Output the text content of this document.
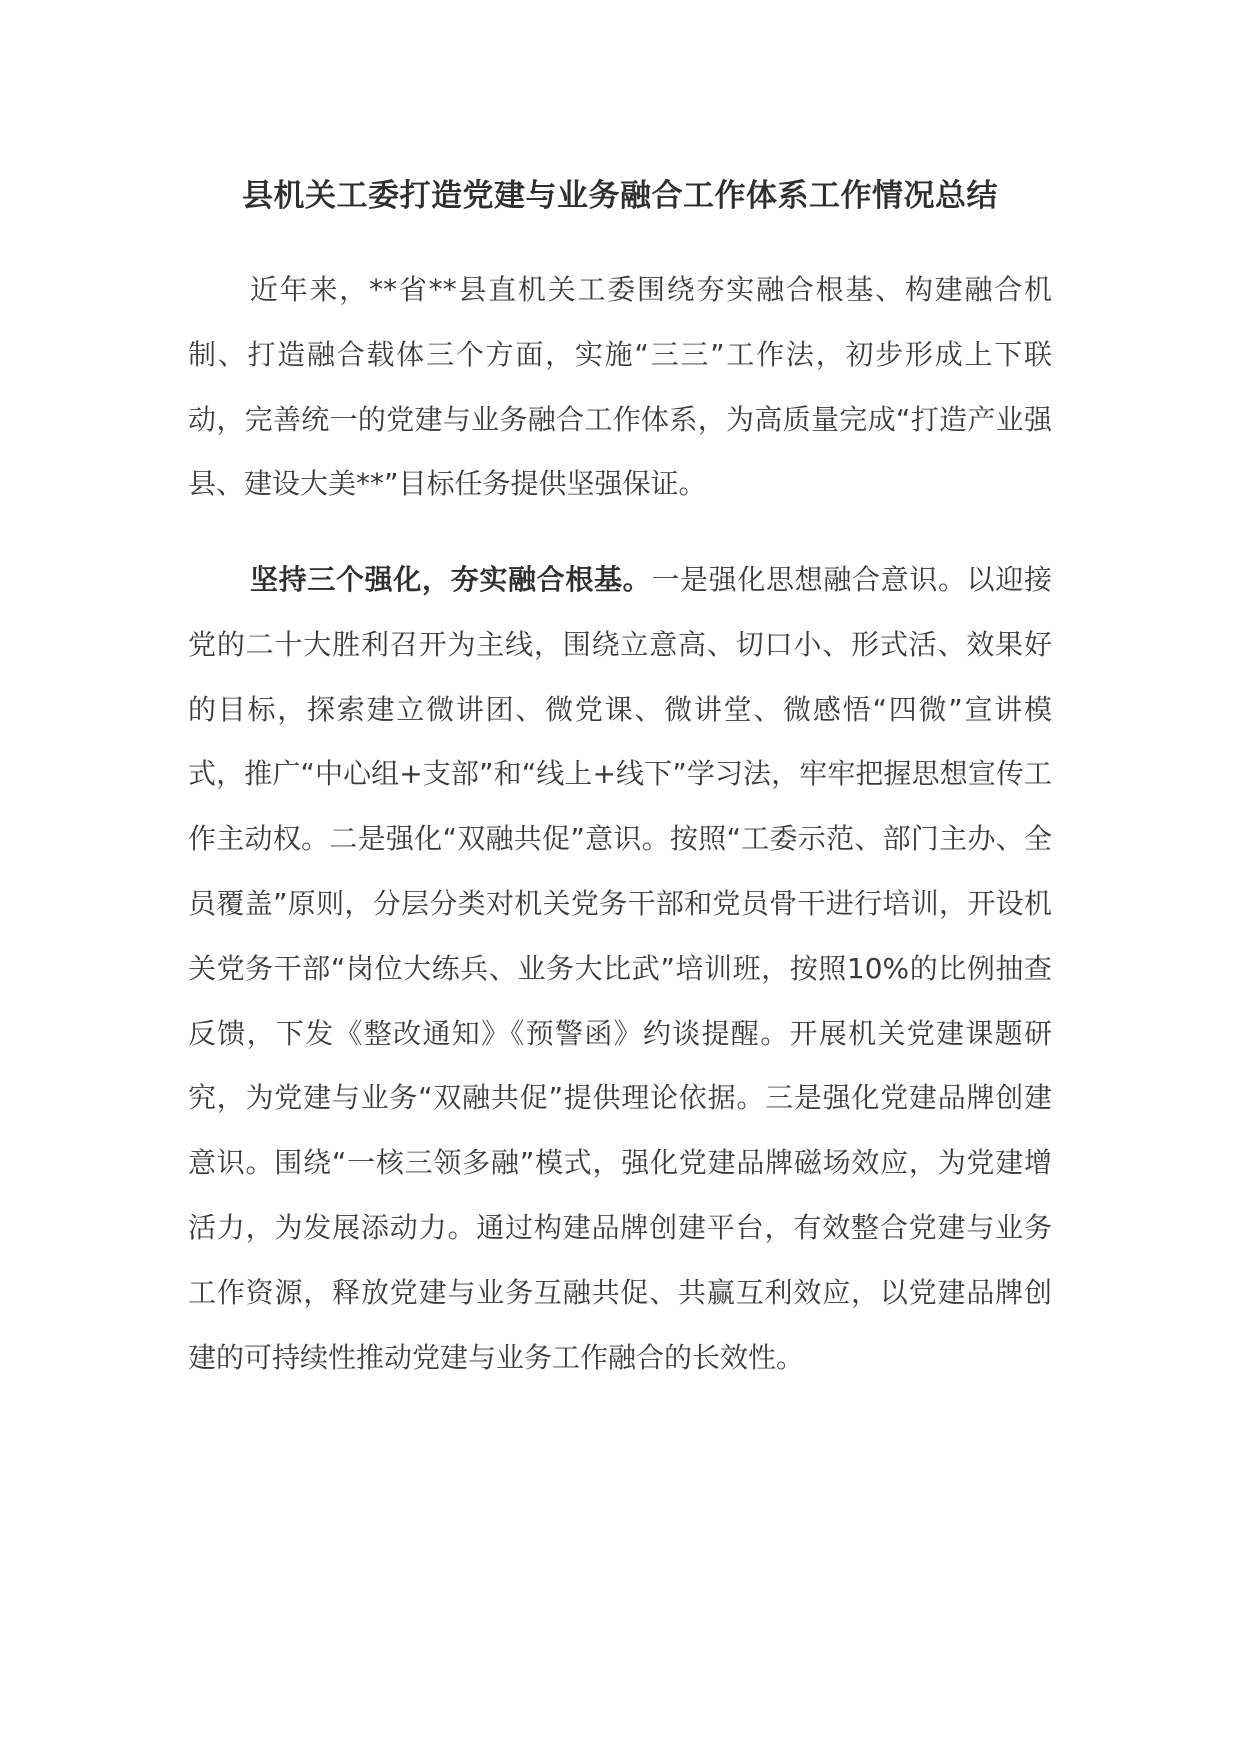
县机关工委打造党建与业务融合工作体系工作情况总结

近年来，**省**县直机关工委围绕夯实融合根基、构建融合机制、打造融合载体三个方面，实施“三三”工作法，初步形成上下联动，完善统一的党建与业务融合工作体系，为高质量完成“打造产业强县、建设大美**”目标任务提供坚强保证。

坚持三个强化，夯实融合根基。一是强化思想融合意识。以迎接党的二十大胜利召开为主线，围绕立意高、切口小、形式活、效果好的目标，探索建立微讲团、微党课、微讲堂、微感悟“四微”宣讲模式，推广“中心组+支部”和“线上+线下”学习法，牢牢把握思想宣传工作主动权。二是强化“双融共促”意识。按照“工委示范、部门主办、全员覆盖”原则，分层分类对机关党务干部和党员骨干进行培训，开设机关党务干部“岗位大练兵、业务大比武”培训班，按照10%的比例抽查反馈，下发《整改通知》《预警函》约谈提醒。开展机关党建课题研究，为党建与业务“双融共促”提供理论依据。三是强化党建品牌创建意识。围绕“一核三领多融”模式，强化党建品牌磁场效应，为党建增活力，为发展添动力。通过构建品牌创建平台，有效整合党建与业务工作资源，释放党建与业务互融共促、共赢互利效应，以党建品牌创建的可持续性推动党建与业务工作融合的长效性。
